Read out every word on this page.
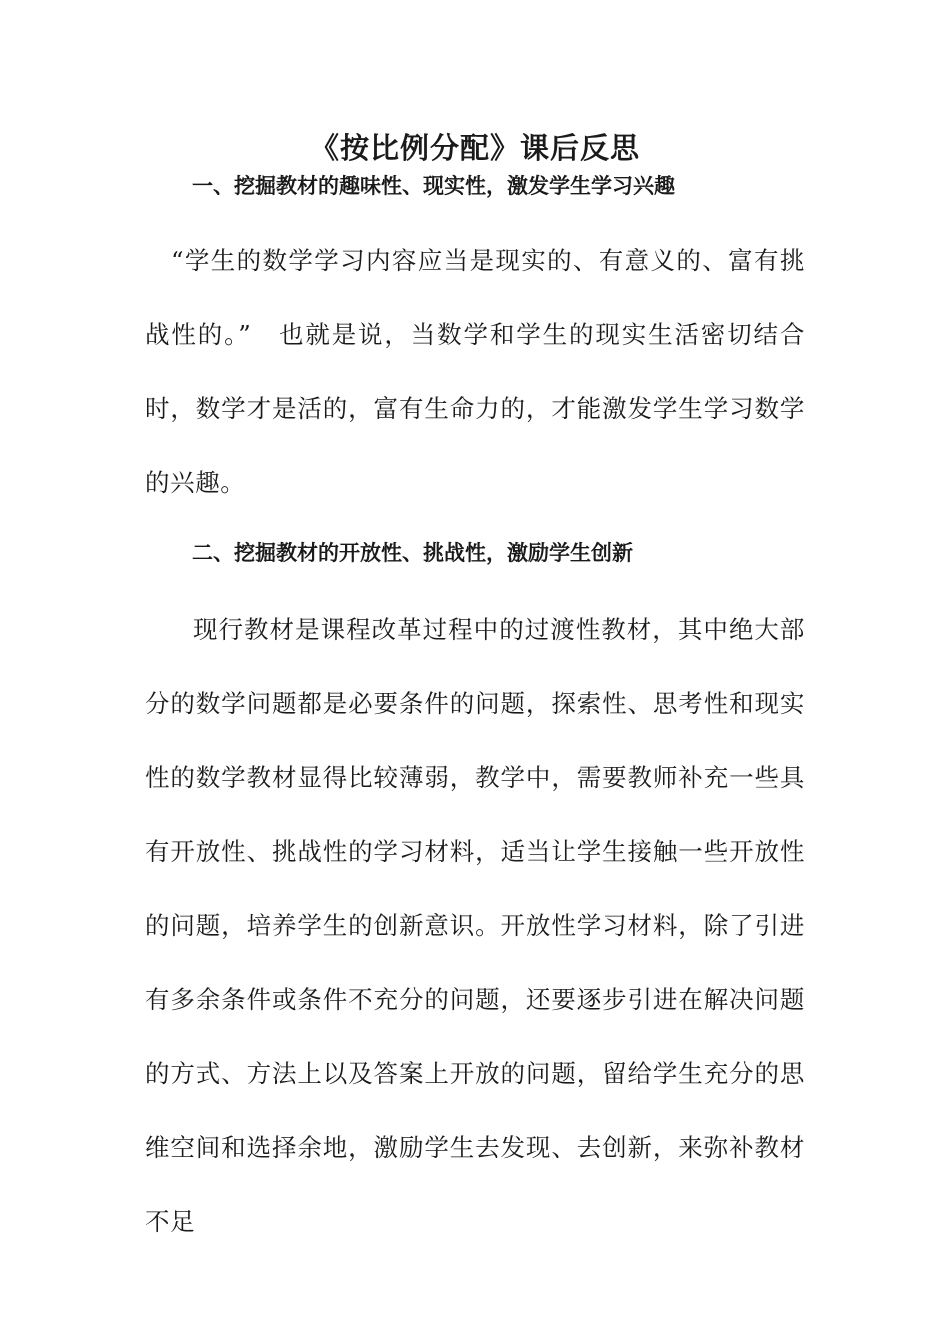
《按比例分配》课后反思
一、挖掘教材的趣味性、现实性，激发学生学习兴趣

“学生的数学学习内容应当是现实的、有意义的、富有挑战性的。”　也就是说，当数学和学生的现实生活密切结合时，数学才是活的，富有生命力的，才能激发学生学习数学的兴趣。

二、挖掘教材的开放性、挑战性，激励学生创新

现行教材是课程改革过程中的过渡性教材，其中绝大部分的数学问题都是必要条件的问题，探索性、思考性和现实性的数学教材显得比较薄弱，教学中，需要教师补充一些具有开放性、挑战性的学习材料，适当让学生接触一些开放性的问题，培养学生的创新意识。开放性学习材料，除了引进有多余条件或条件不充分的问题，还要逐步引进在解决问题的方式、方法上以及答案上开放的问题，留给学生充分的思维空间和选择余地，激励学生去发现、去创新，来弥补教材不足
